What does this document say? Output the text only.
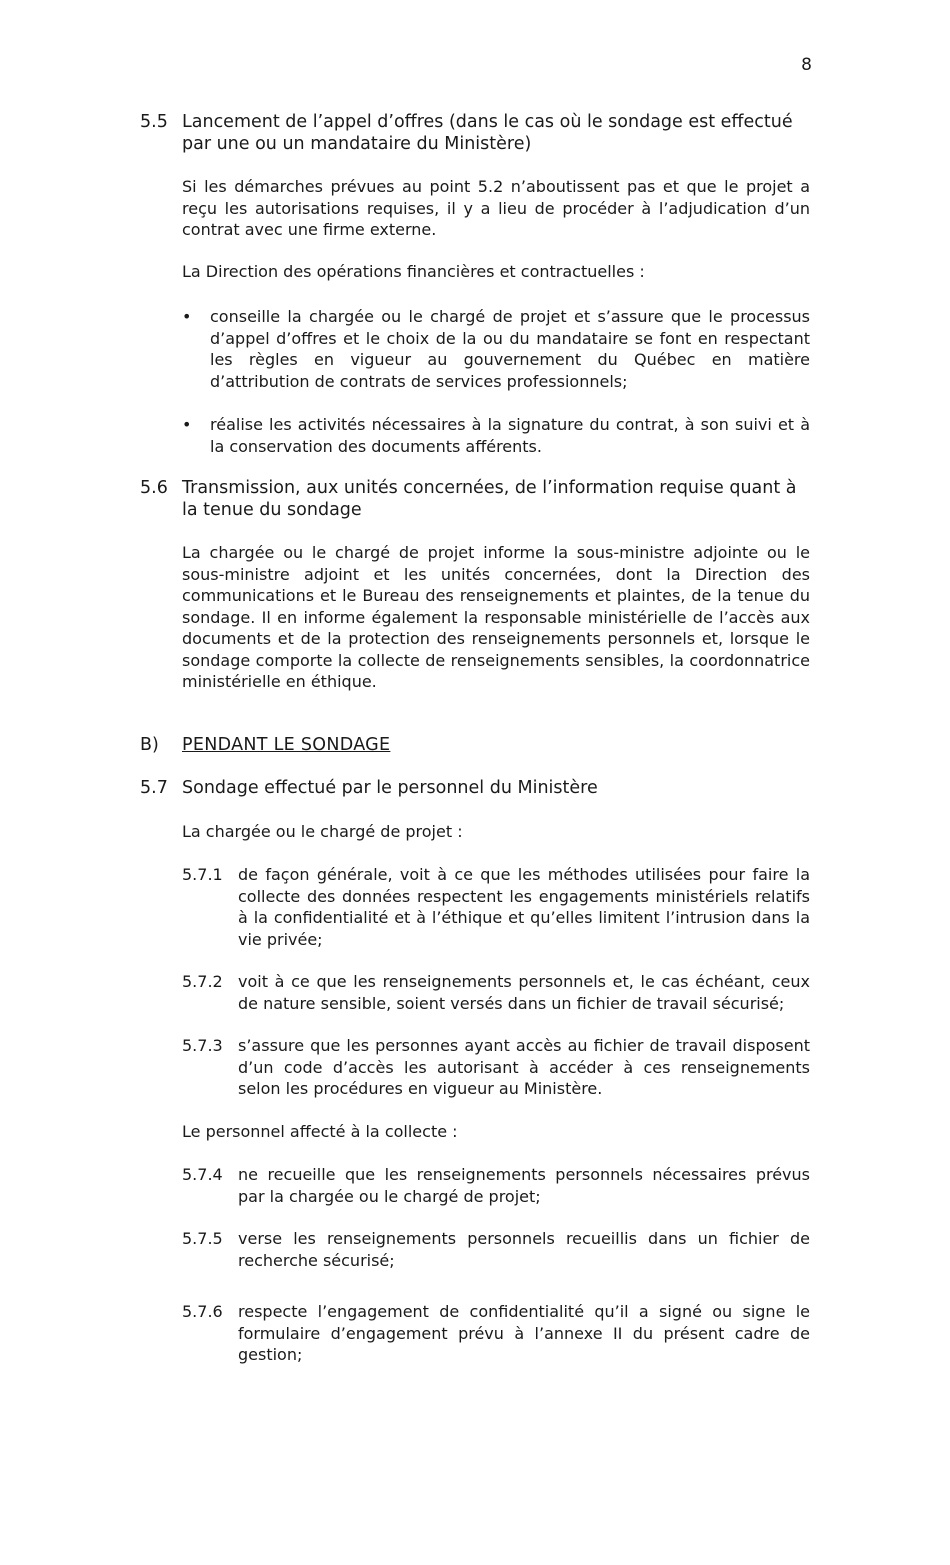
8
5.5 Lancement de l’appel d’offres (dans le cas où le sondage est effectué par une ou un mandataire du Ministère)
Si les démarches prévues au point 5.2 n’aboutissent pas et que le projet a reçu les autorisations requises, il y a lieu de procéder à l’adjudication d’un contrat avec une firme externe.
La Direction des opérations financières et contractuelles :
•	conseille la chargée ou le chargé de projet et s’assure que le processus d’appel d’offres et le choix de la ou du mandataire se font en respectant les règles en vigueur au gouvernement du Québec en matière d’attribution de contrats de services professionnels;
•	réalise les activités nécessaires à la signature du contrat, à son suivi et à la conservation des documents afférents.
5.6 Transmission, aux unités concernées, de l’information requise quant à la tenue du sondage
La chargée ou le chargé de projet informe la sous-ministre adjointe ou le sous-ministre adjoint et les unités concernées, dont la Direction des communications et le Bureau des renseignements et plaintes, de la tenue du sondage. Il en informe également la responsable ministérielle de l’accès aux documents et de la protection des renseignements personnels et, lorsque le sondage comporte la collecte de renseignements sensibles, la coordonnatrice ministérielle en éthique.
B)	PENDANT LE SONDAGE
5.7 Sondage effectué par le personnel du Ministère
La chargée ou le chargé de projet :
5.7.1 de façon générale, voit à ce que les méthodes utilisées pour faire la collecte des données respectent les engagements ministériels relatifs à la confidentialité et à l’éthique et qu’elles limitent l’intrusion dans la vie privée;
5.7.2 voit à ce que les renseignements personnels et, le cas échéant, ceux de nature sensible, soient versés dans un fichier de travail sécurisé;
5.7.3 s’assure que les personnes ayant accès au fichier de travail disposent d’un code d’accès les autorisant à accéder à ces renseignements selon les procédures en vigueur au Ministère.
Le personnel affecté à la collecte :
5.7.4 ne recueille que les renseignements personnels nécessaires prévus par la chargée ou le chargé de projet;
5.7.5 verse les renseignements personnels recueillis dans un fichier de recherche sécurisé;
5.7.6 respecte l’engagement de confidentialité qu’il a signé ou signe le formulaire d’engagement prévu à l’annexe II du présent cadre de gestion;
